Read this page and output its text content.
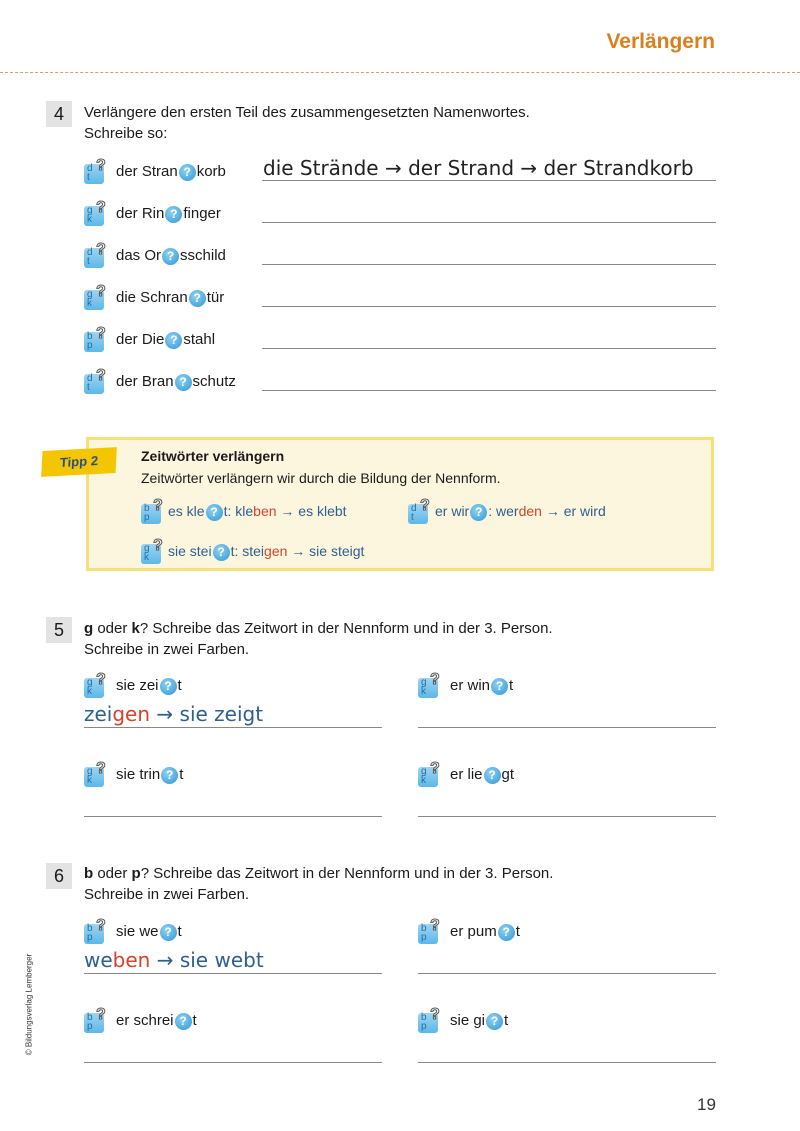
Verlängern
4	Verlängere den ersten Teil des zusammengesetzten Namenwortes.
Schreibe so:
d
t
? der Stran ? korb die Strände → der Strand → der Strandkorb
g
k
? der Rin ? finger
d
t
? das Or ? sschild
g
k
? die Schran ? tür
b
p
? der Die ? stahl
d
t
? der Bran ? schutz
Tipp 2	Zeitwörter verlängern
Zeitwörter verlängern wir durch die Bildung der Nennform.
b
p
? es kle ? t: kleben → es klebt	d
t
? er wir ? : werden → er wird
g
k
? sie stei ? t: steigen → sie steigt
5	g oder k? Schreibe das Zeitwort in der Nennform und in der 3. Person.
Schreibe in zwei Farben.
g
k
? sie zei ? t
zeigen → sie zeigt
g
k
? er win ? t
g
k
? sie trin ? t	g
k
? er lie ? gt
6	b oder p? Schreibe das Zeitwort in der Nennform und in der 3. Person.
Schreibe in zwei Farben.
b
p
? sie we ? t
weben → sie webt
b
p
? er pum ? t
b
p
? er schrei ? t	b
p
? sie gi ? t
© Bildungsverlag Lemberger
19
